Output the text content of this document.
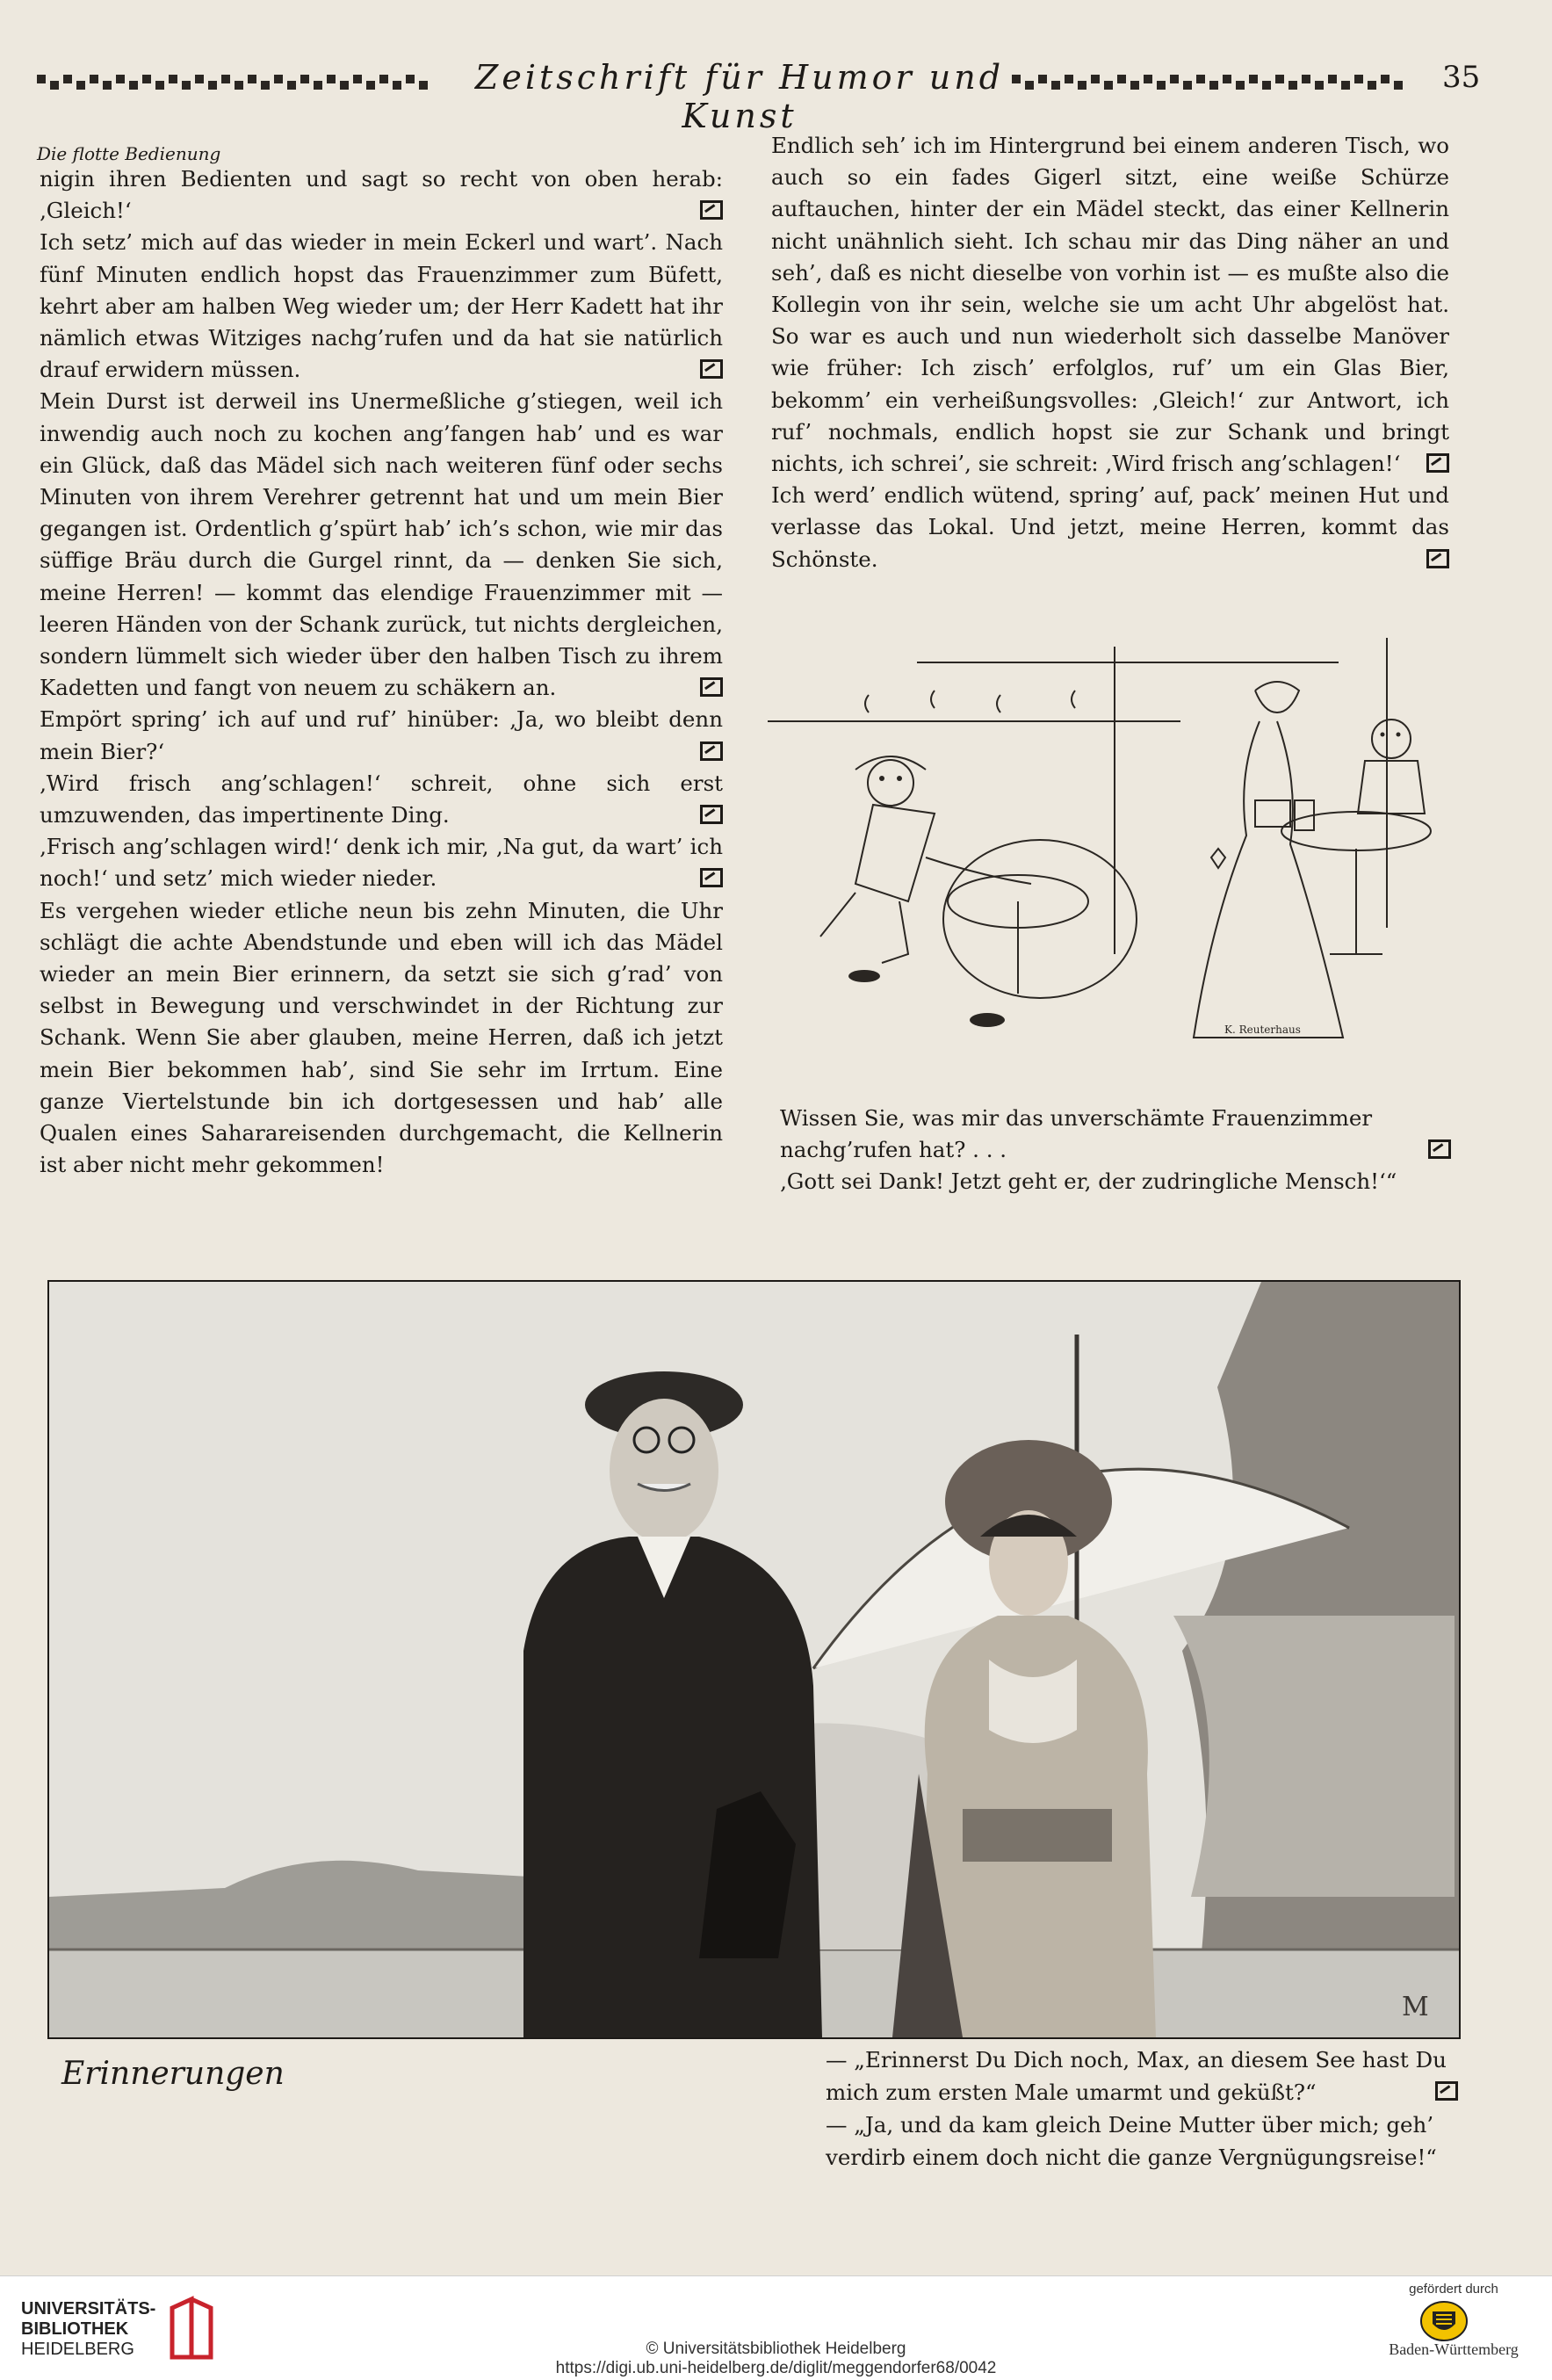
Zeitschrift für Humor und Kunst
35
Die flotte Bedienung

nigin ihren Bedienten und sagt so recht von oben herab: ‚Gleich!‘

Ich setz’ mich auf das wieder in mein Eckerl und wart’. Nach fünf Minuten endlich hopst das Frauenzimmer zum Büfett, kehrt aber am halben Weg wieder um; der Herr Kadett hat ihr nämlich etwas Witziges nachg’rufen und da hat sie natürlich drauf erwidern müssen.

Mein Durst ist derweil ins Unermeßliche g’stiegen, weil ich inwendig auch noch zu kochen ang’fangen hab’ und es war ein Glück, daß das Mädel sich nach weiteren fünf oder sechs Minuten von ihrem Verehrer getrennt hat und um mein Bier gegangen ist. Ordentlich g’spürt hab’ ich’s schon, wie mir das süffige Bräu durch die Gurgel rinnt, da — denken Sie sich, meine Herren! — kommt das elendige Frauenzimmer mit — leeren Händen von der Schank zurück, tut nichts dergleichen, sondern lümmelt sich wieder über den halben Tisch zu ihrem Kadetten und fangt von neuem zu schäkern an.

Empört spring’ ich auf und ruf’ hinüber: ‚Ja, wo bleibt denn mein Bier?‘

‚Wird frisch ang’schlagen!‘ schreit, ohne sich erst umzuwenden, das impertinente Ding.

‚Frisch ang’schlagen wird!‘ denk ich mir, ‚Na gut, da wart’ ich noch!‘ und setz’ mich wieder nieder.

Es vergehen wieder etliche neun bis zehn Minuten, die Uhr schlägt die achte Abendstunde und eben will ich das Mädel wieder an mein Bier erinnern, da setzt sie sich g’rad’ von selbst in Bewegung und verschwindet in der Richtung zur Schank. Wenn Sie aber glauben, meine Herren, daß ich jetzt mein Bier bekommen hab’, sind Sie sehr im Irrtum. Eine ganze Viertelstunde bin ich dortgesessen und hab’ alle Qualen eines Saharareisenden durchgemacht, die Kellnerin ist aber nicht mehr gekommen!

Endlich seh’ ich im Hintergrund bei einem anderen Tisch, wo auch so ein fades Gigerl sitzt, eine weiße Schürze auftauchen, hinter der ein Mädel steckt, das einer Kellnerin nicht unähnlich sieht. Ich schau mir das Ding näher an und seh’, daß es nicht dieselbe von vorhin ist — es mußte also die Kollegin von ihr sein, welche sie um acht Uhr abgelöst hat. So war es auch und nun wiederholt sich dasselbe Manöver wie früher: Ich zisch’ erfolglos, ruf’ um ein Glas Bier, bekomm’ ein verheißungsvolles: ‚Gleich!‘ zur Antwort, ich ruf’ nochmals, endlich hopst sie zur Schank und bringt nichts, ich schrei’, sie schreit: ‚Wird frisch ang’schlagen!‘

Ich werd’ endlich wütend, spring’ auf, pack’ meinen Hut und verlasse das Lokal. Und jetzt, meine Herren, kommt das Schönste.

K. Reuterhaus

Wissen Sie, was mir das unverschämte Frauenzimmer nachg’rufen hat? . . .

‚Gott sei Dank! Jetzt geht er, der zudringliche Mensch!‘“

M
Erinnerungen	— „Erinnerst Du Dich noch, Max, an diesem See hast Du mich zum ersten Male umarmt und geküßt?“

— „Ja, und da kam gleich Deine Mutter über mich; geh’ verdirb einem doch nicht die ganze Vergnügungsreise!“

UNIVERSITÄTS-
BIBLIOTHEK
HEIDELBERG	© Universitätsbibliothek Heidelberg
https://digi.ub.uni-heidelberg.de/diglit/meggendorfer68/0042
gefördert durch
Baden-Württemberg
